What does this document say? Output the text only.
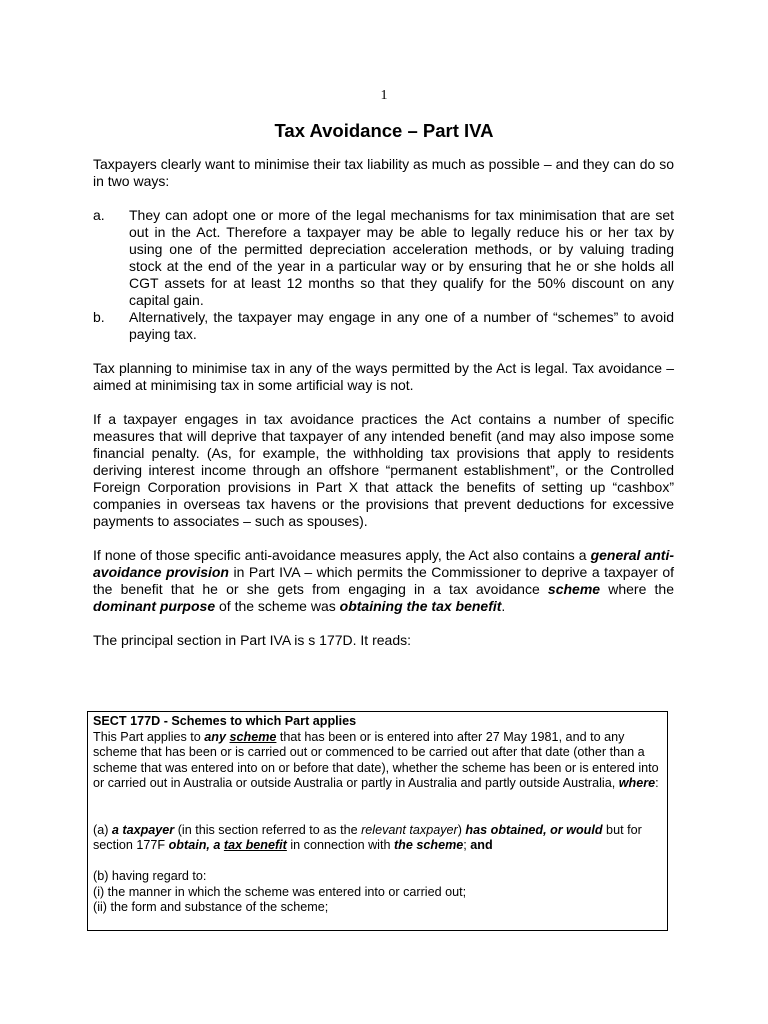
1
Tax Avoidance – Part IVA

Taxpayers clearly want to minimise their tax liability as much as possible – and they can do so in two ways:

a.	They can adopt one or more of the legal mechanisms for tax minimisation that are set out in the Act. Therefore a taxpayer may be able to legally reduce his or her tax by using one of the permitted depreciation acceleration methods, or by valuing trading stock at the end of the year in a particular way or by ensuring that he or she holds all CGT assets for at least 12 months so that they qualify for the 50% discount on any capital gain.
b.	Alternatively, the taxpayer may engage in any one of a number of “schemes” to avoid paying tax.

Tax planning to minimise tax in any of the ways permitted by the Act is legal. Tax avoidance – aimed at minimising tax in some artificial way is not.

If a taxpayer engages in tax avoidance practices the Act contains a number of specific measures that will deprive that taxpayer of any intended benefit (and may also impose some financial penalty. (As, for example, the withholding tax provisions that apply to residents deriving interest income through an offshore “permanent establishment”, or the Controlled Foreign Corporation provisions in Part X that attack the benefits of setting up “cashbox” companies in overseas tax havens or the provisions that prevent deductions for excessive payments to associates – such as spouses).

If none of those specific anti-avoidance measures apply, the Act also contains a general anti-avoidance provision in Part IVA – which permits the Commissioner to deprive a taxpayer of the benefit that he or she gets from engaging in a tax avoidance scheme where the dominant purpose of the scheme was obtaining the tax benefit.

The principal section in Part IVA is s 177D. It reads:

SECT 177D - Schemes to which Part applies

This Part applies to any scheme that has been or is entered into after 27 May 1981, and to any scheme that has been or is carried out or commenced to be carried out after that date (other than a scheme that was entered into on or before that date), whether the scheme has been or is entered into or carried out in Australia or outside Australia or partly in Australia and partly outside Australia, where:

(a) a taxpayer (in this section referred to as the relevant taxpayer) has obtained, or would but for section 177F obtain, a tax benefit in connection with the scheme; and

(b) having regard to:

(i) the manner in which the scheme was entered into or carried out;

(ii) the form and substance of the scheme;
